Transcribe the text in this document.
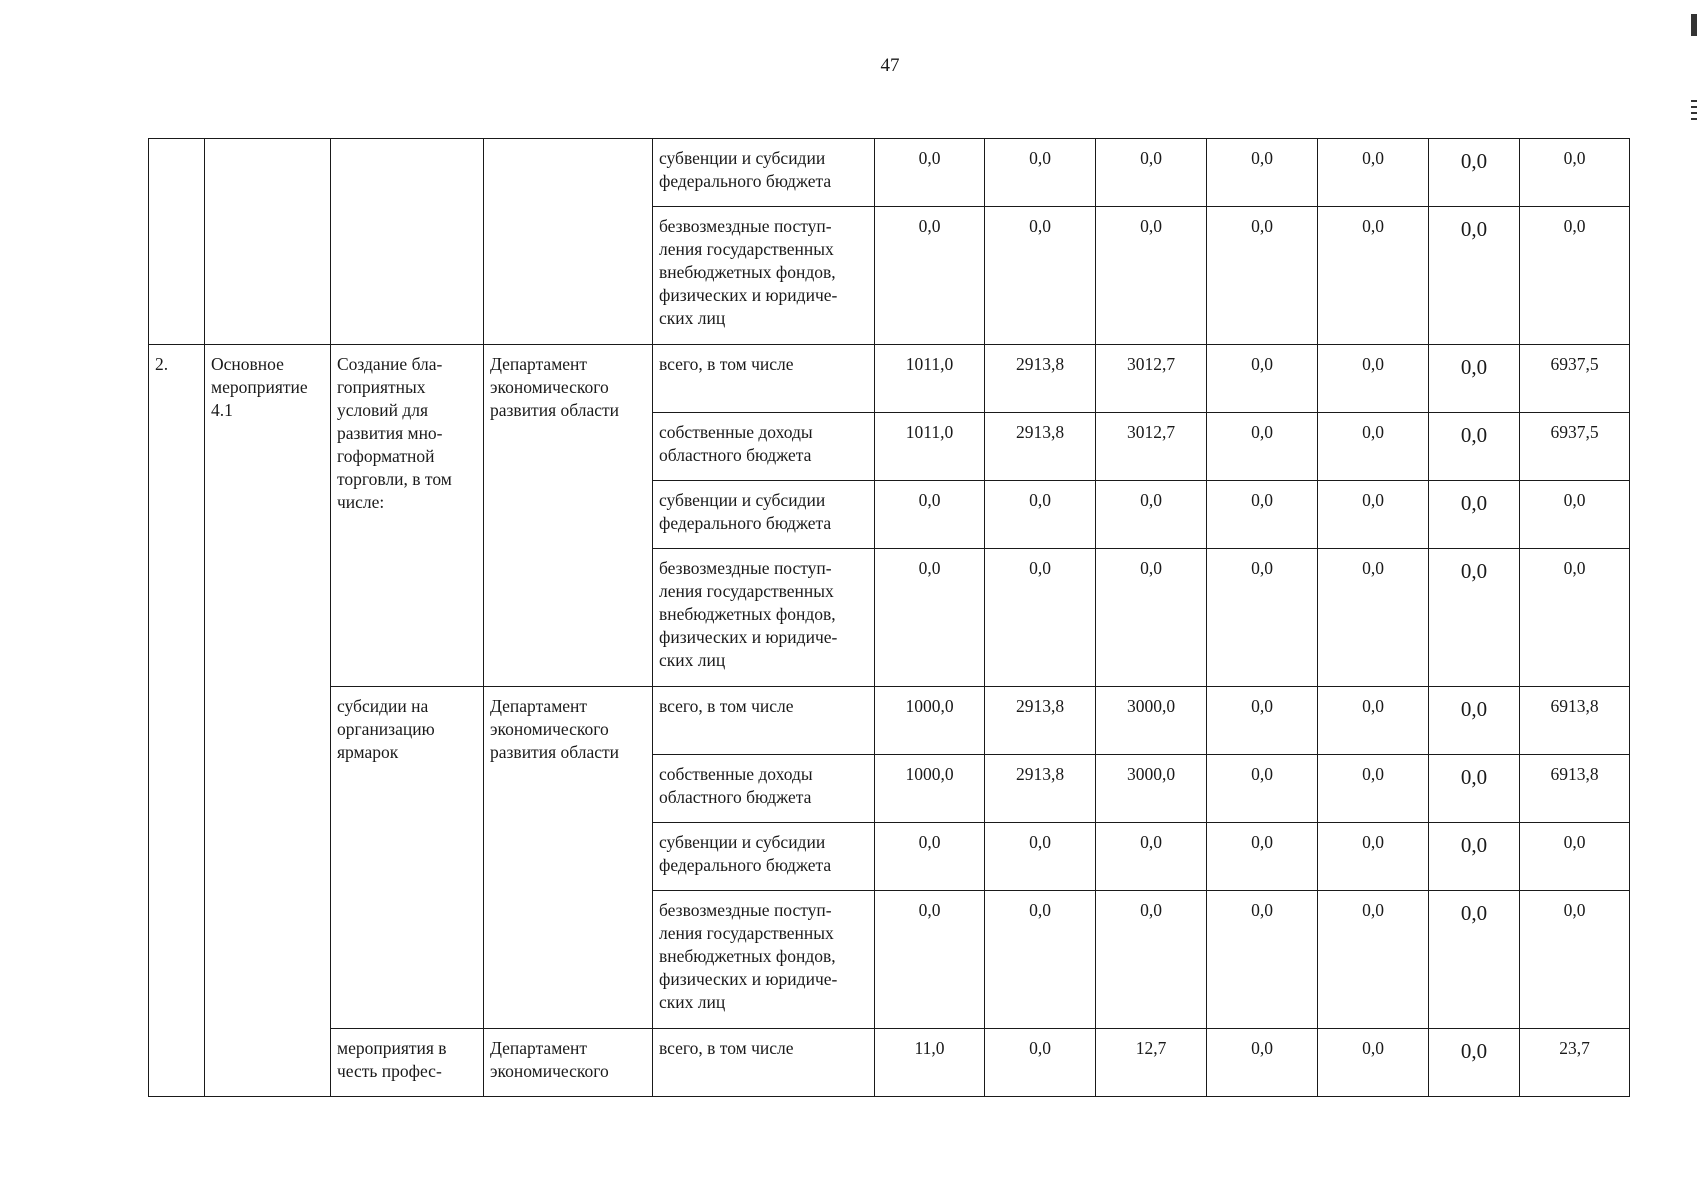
47
				субвенции и субсидии федерального бюджета	0,0	0,0	0,0	0,0	0,0	0,0	0,0
				безвозмездные поступ-ления государственных внебюджетных фондов, физических и юридиче-ских лиц	0,0	0,0	0,0	0,0	0,0	0,0	0,0
2.	Основное мероприятие 4.1	Создание бла-гоприятных условий для развития мно-гоформатной торговли, в том числе:	Департамент экономического развития области	всего, в том числе	1011,0	2913,8	3012,7	0,0	0,0	0,0	6937,5
				собственные доходы областного бюджета	1011,0	2913,8	3012,7	0,0	0,0	0,0	6937,5
				субвенции и субсидии федерального бюджета	0,0	0,0	0,0	0,0	0,0	0,0	0,0
				безвозмездные поступ-ления государственных внебюджетных фондов, физических и юридиче-ских лиц	0,0	0,0	0,0	0,0	0,0	0,0	0,0
		субсидии на организацию ярмарок	Департамент экономического развития области	всего, в том числе	1000,0	2913,8	3000,0	0,0	0,0	0,0	6913,8
				собственные доходы областного бюджета	1000,0	2913,8	3000,0	0,0	0,0	0,0	6913,8
				субвенции и субсидии федерального бюджета	0,0	0,0	0,0	0,0	0,0	0,0	0,0
				безвозмездные поступ-ления государственных внебюджетных фондов, физических и юридиче-ских лиц	0,0	0,0	0,0	0,0	0,0	0,0	0,0
		мероприятия в честь профес-	Департамент экономического	всего, в том числе	11,0	0,0	12,7	0,0	0,0	0,0	23,7
